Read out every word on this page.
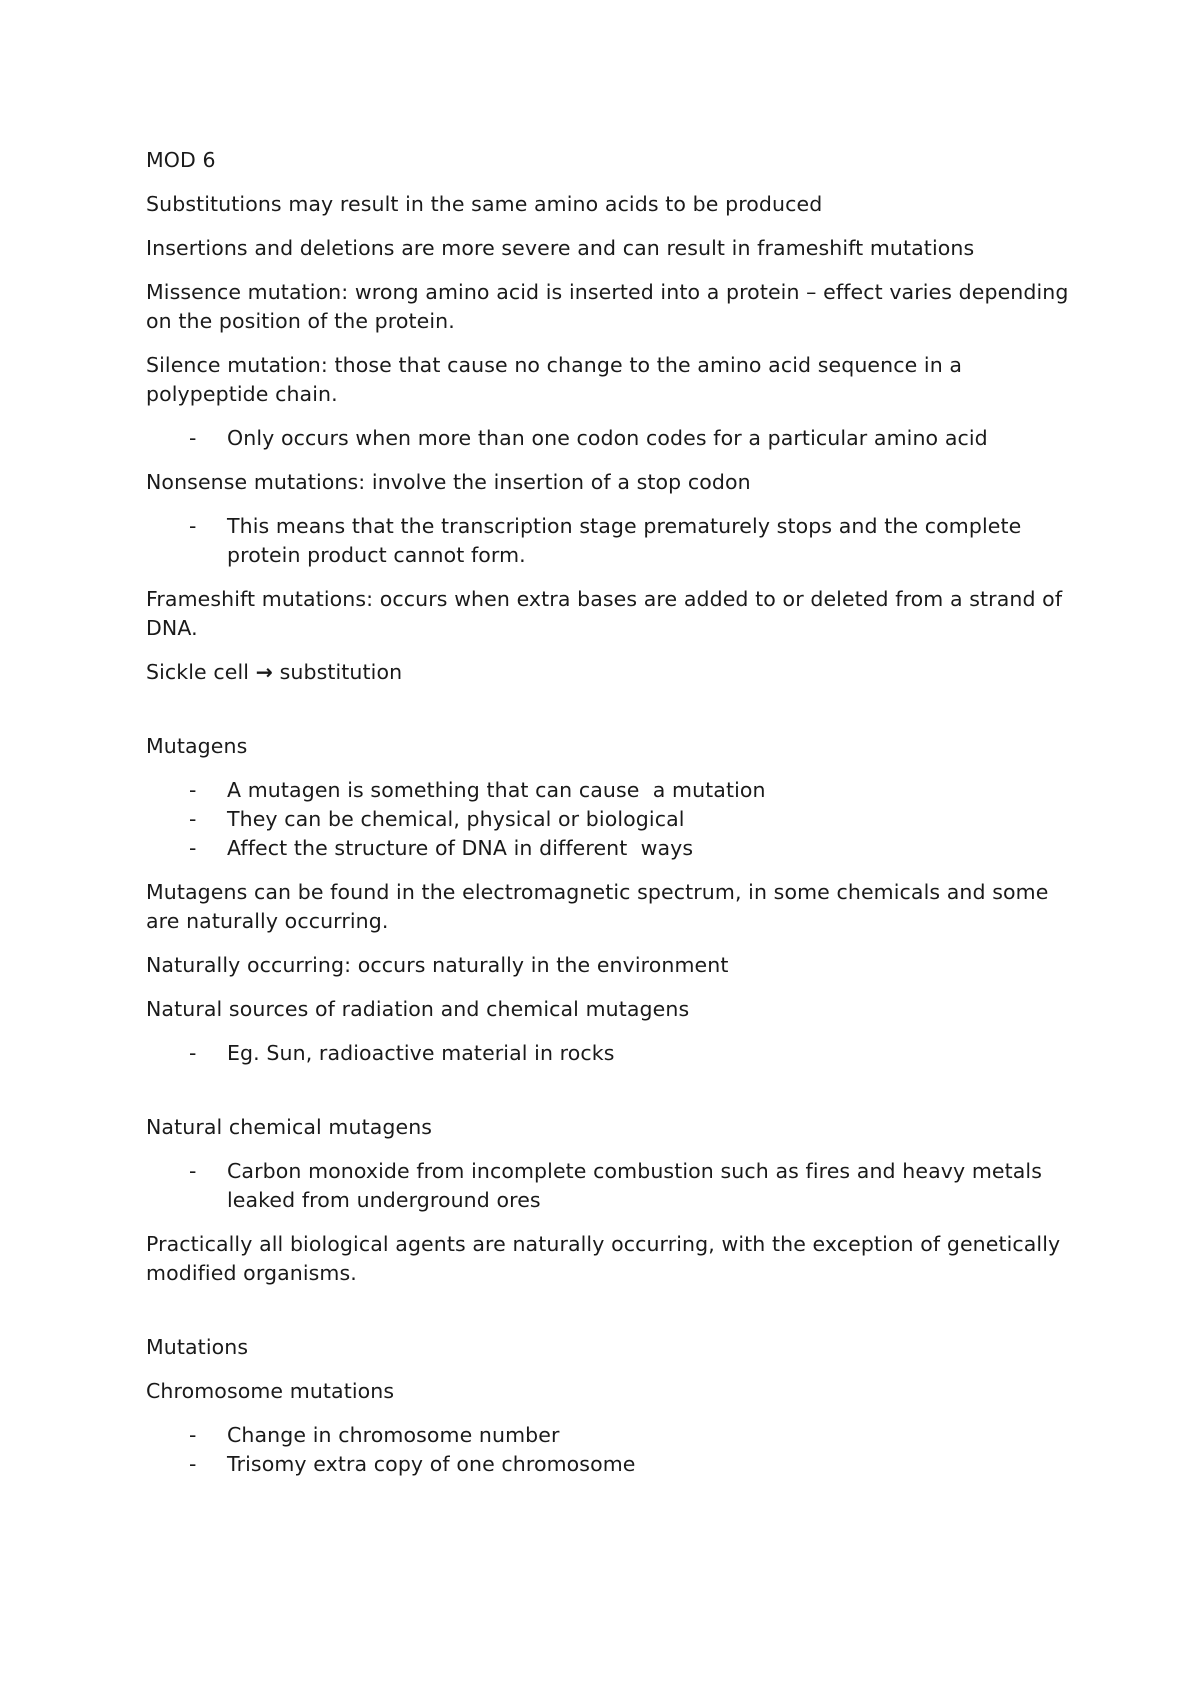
MOD 6

Substitutions may result in the same amino acids to be produced

Insertions and deletions are more severe and can result in frameshift mutations

Missence mutation: wrong amino acid is inserted into a protein – effect varies depending on the position of the protein.

Silence mutation: those that cause no change to the amino acid sequence in a polypeptide chain.

- Only occurs when more than one codon codes for a particular amino acid

Nonsense mutations: involve the insertion of a stop codon

- This means that the transcription stage prematurely stops and the complete protein product cannot form.

Frameshift mutations: occurs when extra bases are added to or deleted from a strand of DNA.

Sickle cell → substitution

Mutagens

- A mutagen is something that can cause  a mutation
- They can be chemical, physical or biological
- Affect the structure of DNA in different  ways

Mutagens can be found in the electromagnetic spectrum, in some chemicals and some are naturally occurring.

Naturally occurring: occurs naturally in the environment

Natural sources of radiation and chemical mutagens

- Eg. Sun, radioactive material in rocks

Natural chemical mutagens

- Carbon monoxide from incomplete combustion such as fires and heavy metals leaked from underground ores

Practically all biological agents are naturally occurring, with the exception of genetically modified organisms.

Mutations

Chromosome mutations

- Change in chromosome number
- Trisomy extra copy of one chromosome
